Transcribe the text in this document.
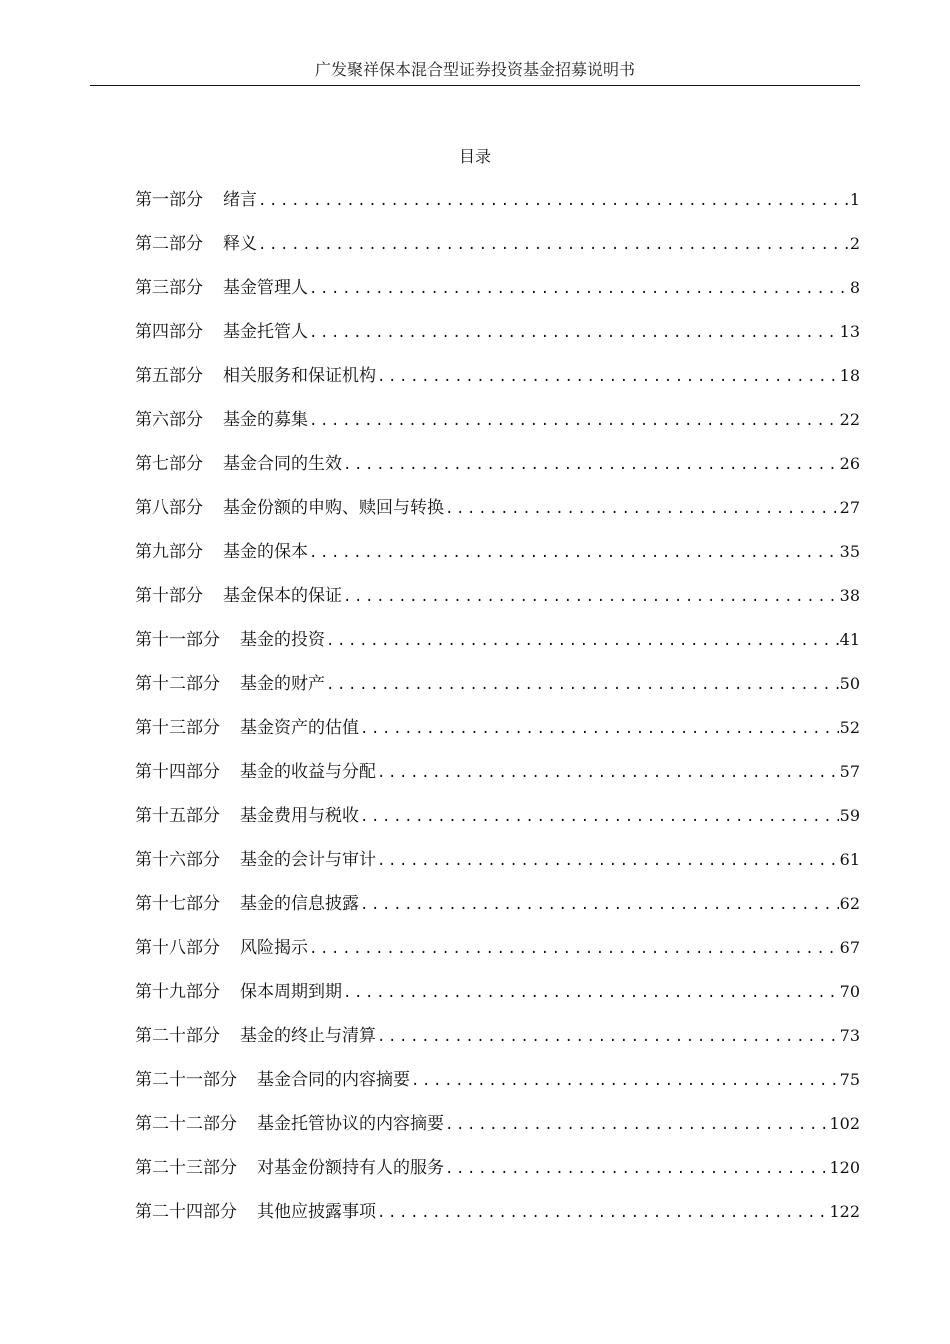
广发聚祥保本混合型证券投资基金招募说明书
目录
第一部分 绪言 .....	1
第二部分 释义 .....	2
第三部分 基金管理人 .....	8
第四部分 基金托管人 .....	13
第五部分 相关服务和保证机构 .....	18
第六部分 基金的募集 .....	22
第七部分 基金合同的生效 .....	26
第八部分 基金份额的申购、赎回与转换 .....	27
第九部分 基金的保本 .....	35
第十部分 基金保本的保证 .....	38
第十一部分 基金的投资 .....	41
第十二部分 基金的财产 .....	50
第十三部分 基金资产的估值 .....	52
第十四部分 基金的收益与分配 .....	57
第十五部分 基金费用与税收 .....	59
第十六部分 基金的会计与审计 .....	61
第十七部分 基金的信息披露 .....	62
第十八部分 风险揭示 .....	67
第十九部分 保本周期到期 .....	70
第二十部分 基金的终止与清算 .....	73
第二十一部分 基金合同的内容摘要 .....	75
第二十二部分 基金托管协议的内容摘要 .....	102
第二十三部分 对基金份额持有人的服务 .....	120
第二十四部分 其他应披露事项 .....	122
